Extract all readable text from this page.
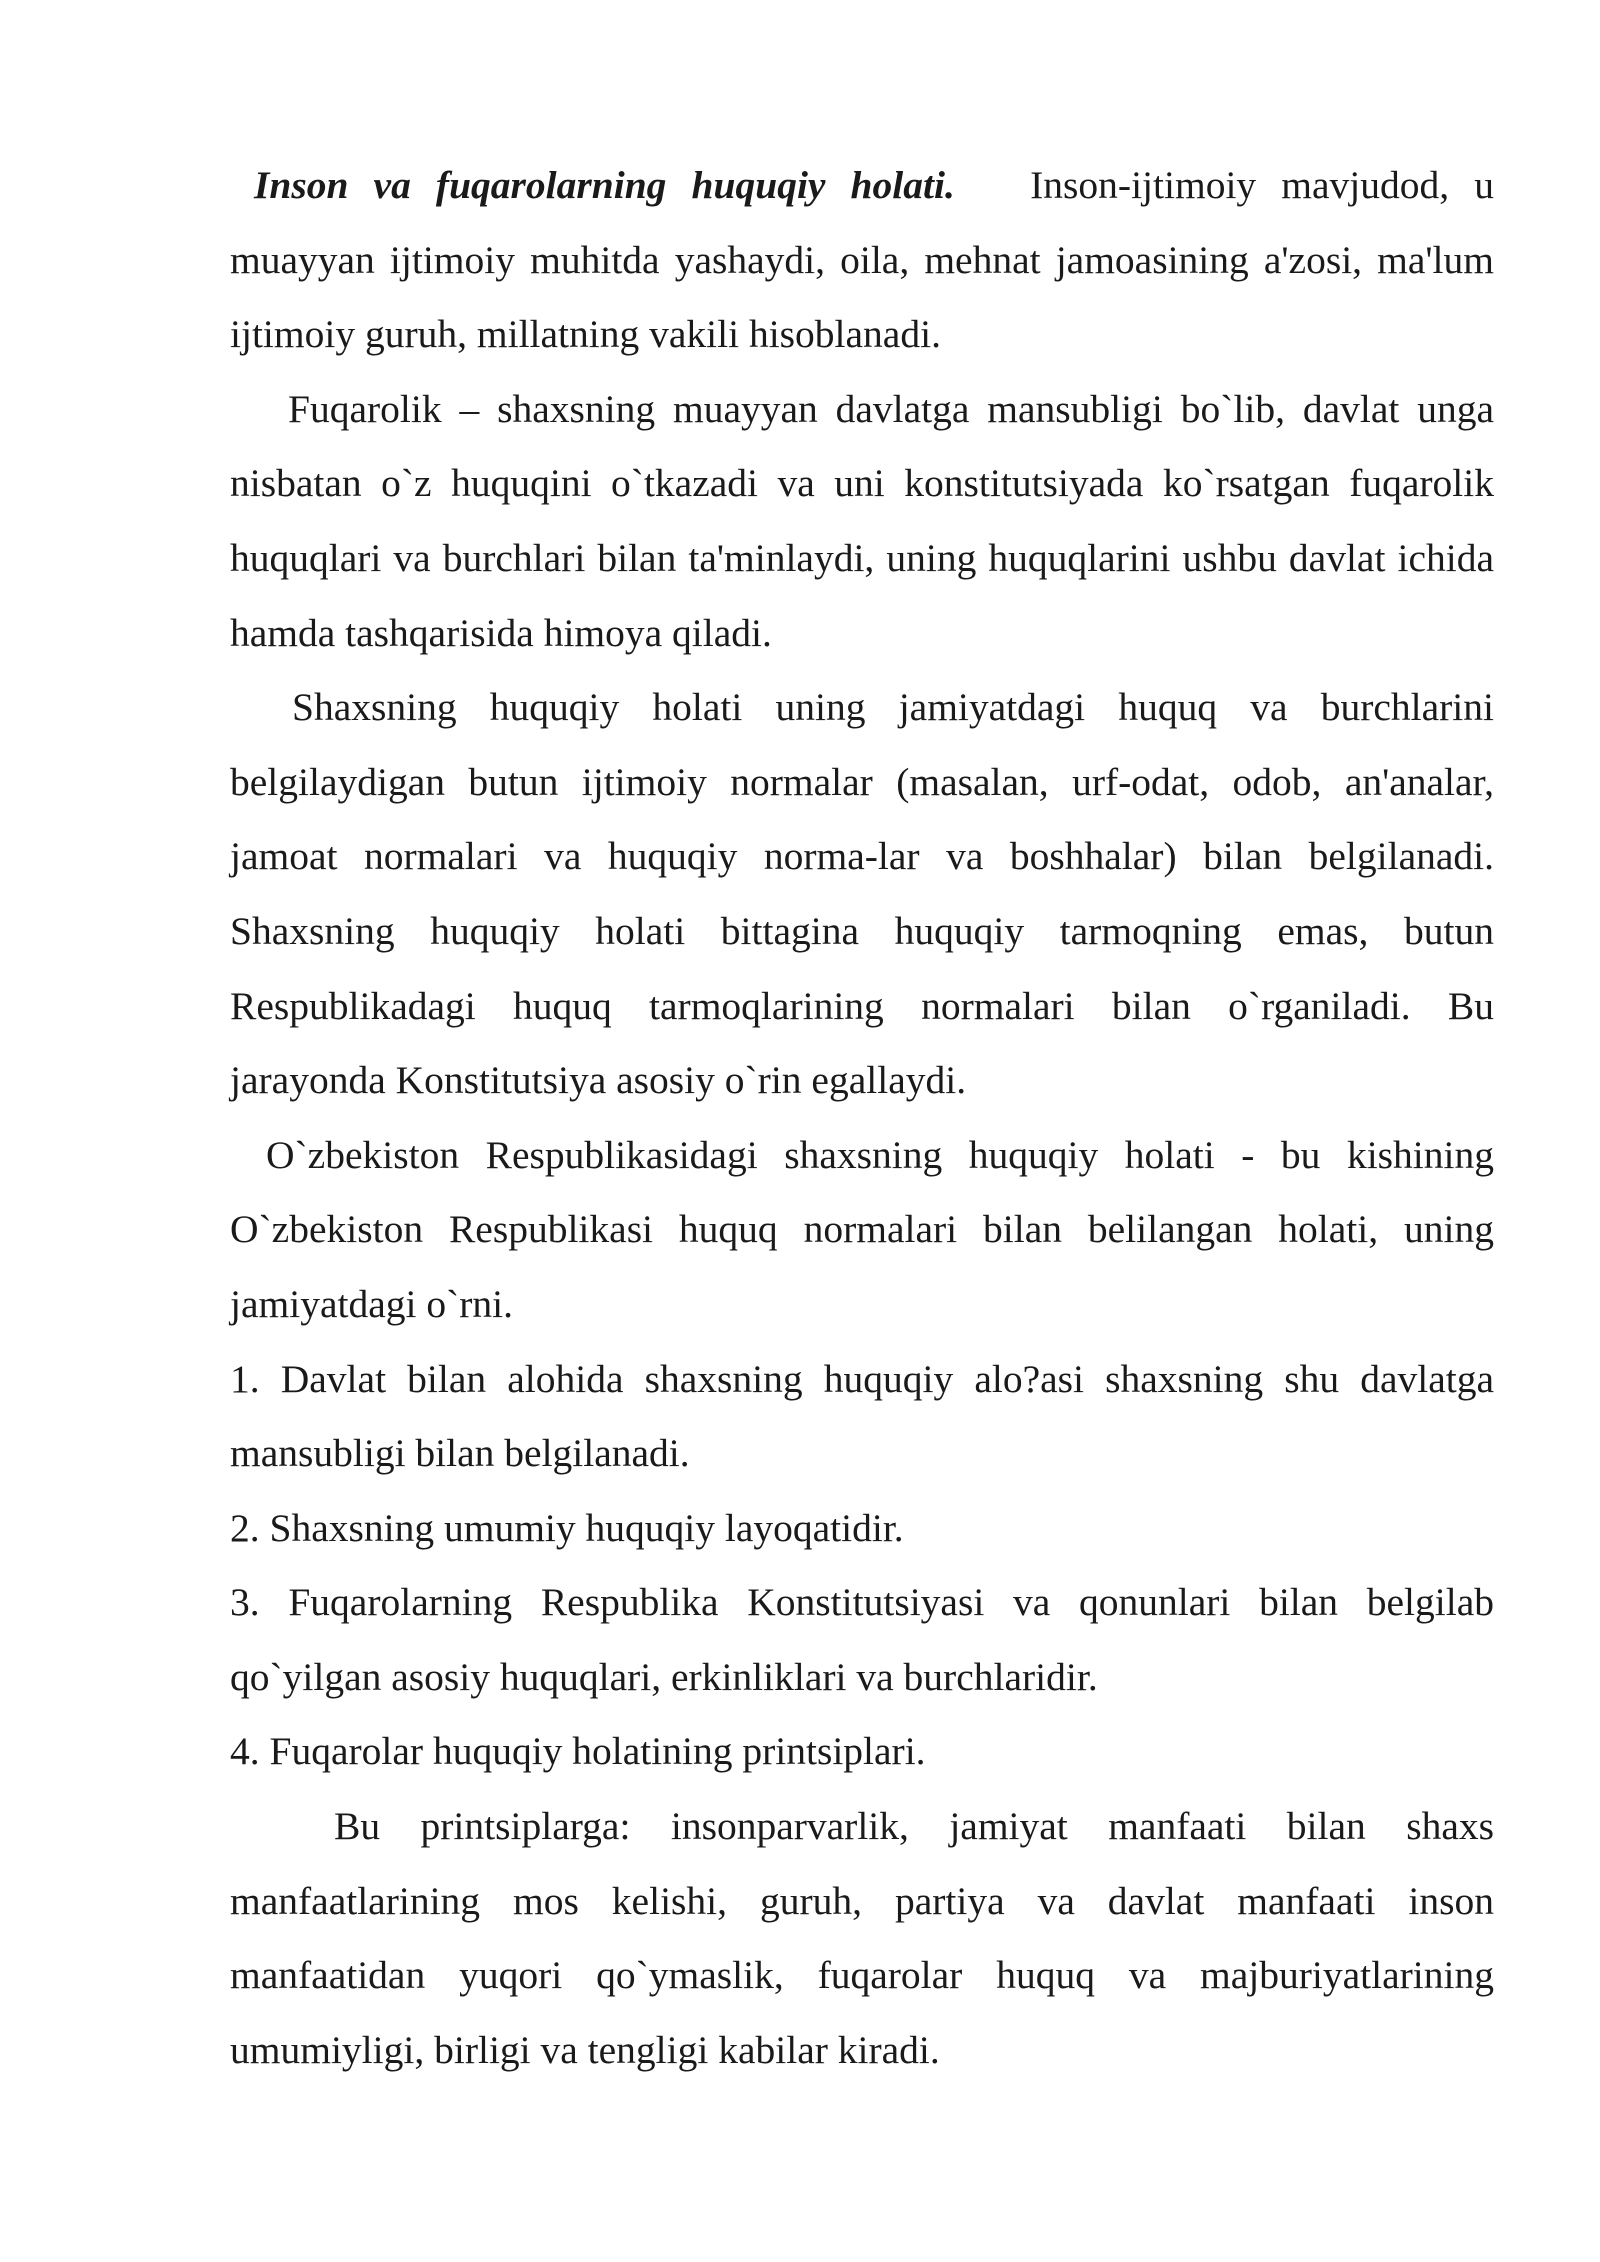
Inson va fuqarolarning huquqiy holati. Inson-ijtimoiy mavjudod, u muayyan ijtimoiy muhitda yashaydi, oila, mehnat jamoasining a'zosi, ma'lum ijtimoiy guruh, millatning vakili hisoblanadi.

Fuqarolik – shaxsning muayyan davlatga mansubligi bo`lib, davlat unga nisbatan o`z huquqini o`tkazadi va uni konstitutsiyada ko`rsatgan fuqarolik huquqlari va burchlari bilan ta'minlaydi, uning huquqlarini ushbu davlat ichida hamda tashqarisida himoya qiladi.

Shaxsning huquqiy holati uning jamiyatdagi huquq va burchlarini belgilaydigan butun ijtimoiy normalar (masalan, urf-odat, odob, an'analar, jamoat normalari va huquqiy norma-lar va boshhalar) bilan belgilanadi. Shaxsning huquqiy holati bittagina huquqiy tarmoqning emas, butun Respublikadagi huquq tarmoqlarining normalari bilan o`rganiladi. Bu jarayonda Konstitutsiya asosiy o`rin egallaydi.

O`zbekiston Respublikasidagi shaxsning huquqiy holati - bu kishining O`zbekiston Respublikasi huquq normalari bilan belilangan holati, uning jamiyatdagi o`rni.

1. Davlat bilan alohida shaxsning huquqiy alo?asi shaxsning shu davlatga mansubligi bilan belgilanadi.

2. Shaxsning umumiy huquqiy layoqatidir.

3. Fuqarolarning Respublika Konstitutsiyasi va qonunlari bilan belgilab qo`yilgan asosiy huquqlari, erkinliklari va burchlaridir.

4. Fuqarolar huquqiy holatining printsiplari.

Bu printsiplarga: insonparvarlik, jamiyat manfaati bilan shaxs manfaatlarining mos kelishi, guruh, partiya va davlat manfaati inson manfaatidan yuqori qo`ymaslik, fuqarolar huquq va majburiyatlarining umumiyligi, birligi va tengligi kabilar kiradi.
